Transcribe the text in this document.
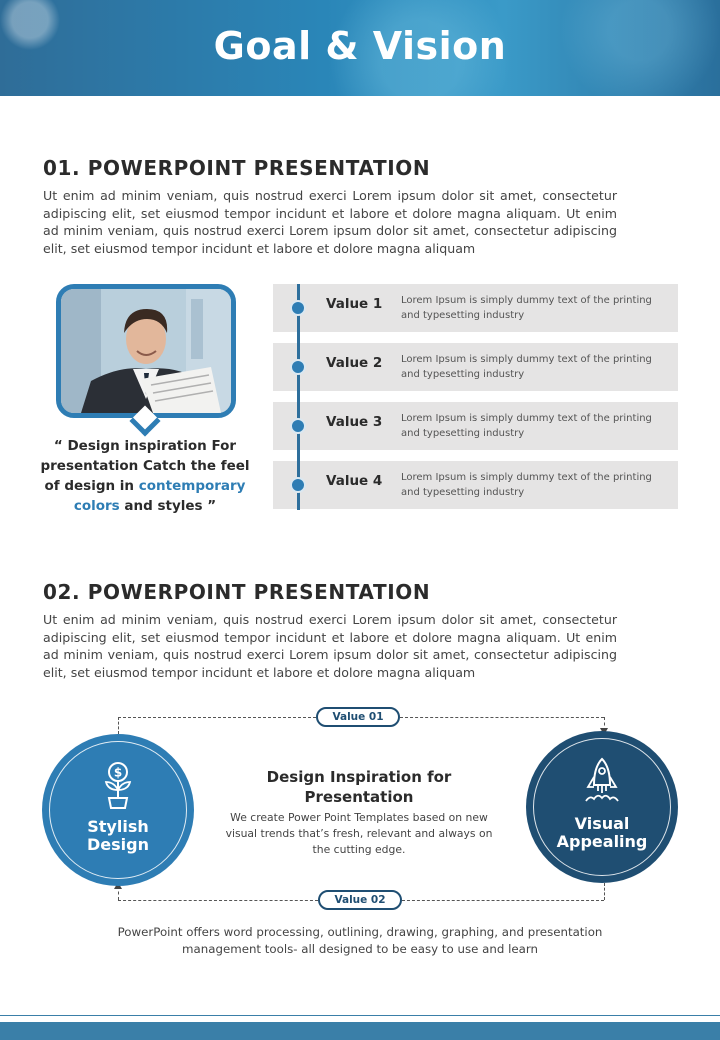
Goal & Vision
01. POWERPOINT PRESENTATION
Ut enim ad minim veniam, quis nostrud exerci Lorem ipsum dolor sit amet, consectetur adipiscing elit, set eiusmod tempor incidunt et labore et dolore magna aliquam. Ut enim ad minim veniam, quis nostrud exerci Lorem ipsum dolor sit amet, consectetur adipiscing elit, set eiusmod tempor incidunt et labore et dolore magna aliquam
“ Design inspiration For presentation Catch the feel of design in contemporary colors and styles ”
Value 1 Lorem Ipsum is simply dummy text of the printing and typesetting industry
Value 2 Lorem Ipsum is simply dummy text of the printing and typesetting industry
Value 3 Lorem Ipsum is simply dummy text of the printing and typesetting industry
Value 4 Lorem Ipsum is simply dummy text of the printing and typesetting industry
02. POWERPOINT PRESENTATION
Ut enim ad minim veniam, quis nostrud exerci Lorem ipsum dolor sit amet, consectetur adipiscing elit, set eiusmod tempor incidunt et labore et dolore magna aliquam. Ut enim ad minim veniam, quis nostrud exerci Lorem ipsum dolor sit amet, consectetur adipiscing elit, set eiusmod tempor incidunt et labore et dolore magna aliquam
Value 01
Value 02
$
Stylish
Design
Visual
Appealing
Design Inspiration for Presentation
We create Power Point Templates based on new visual trends that’s fresh, relevant and always on the cutting edge.
PowerPoint offers word processing, outlining, drawing, graphing, and presentation management tools- all designed to be easy to use and learn
